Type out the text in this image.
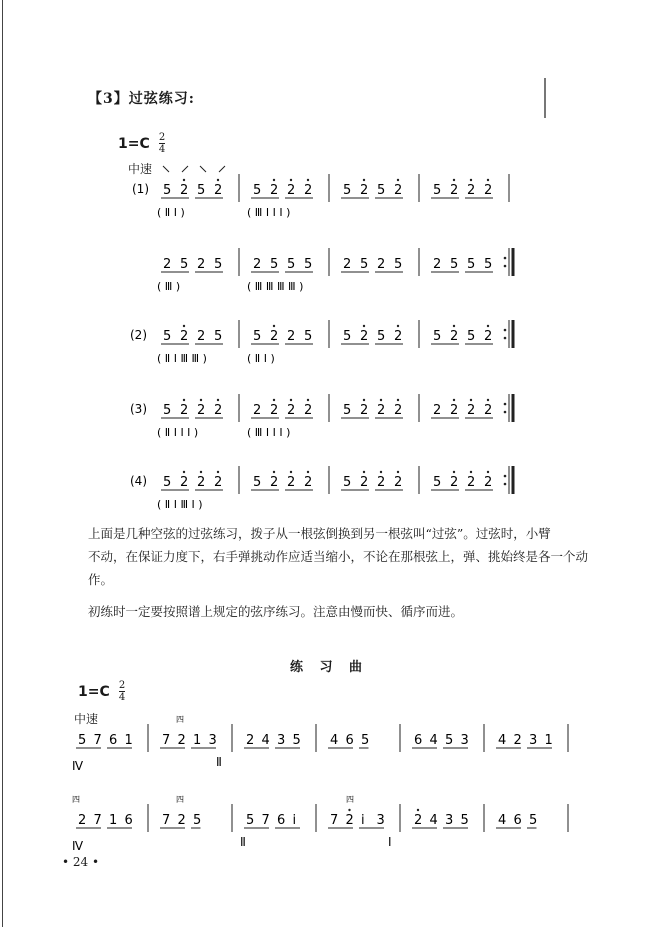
【3】过弦练习:
$1=C \frac{2}{4}$
中速
(1) 5 2 5 2 5 2 2 2 5 2 5 2 5 2 2 2
( Ⅱ Ⅰ )	( Ⅲ Ⅰ Ⅰ Ⅰ )
2 5 2 5 2 5 5 5 2 5 2 5 2 5 5 5
( Ⅲ )	( Ⅲ Ⅲ Ⅲ Ⅲ )
(2) 5 2 2 5 5 2 2 5 5 2 5 2 5 2 5 2
( Ⅱ Ⅰ Ⅲ Ⅲ )	( Ⅱ Ⅰ )
(3) 5 2 2 2 2 2 2 2 5 2 2 2 2 2 2 2
( Ⅱ Ⅰ Ⅰ Ⅰ )	( Ⅲ Ⅰ Ⅰ Ⅰ )
(4) 5 2 2 2 5 2 2 2 5 2 2 2 5 2 2 2
( Ⅱ Ⅰ Ⅲ Ⅰ )
5 7 6 1 7 2 1 3 2 4 3 5 4 6 5	6 4 5 3 4 2 3 1
2 7 1 6 7 2 5	5 7 6 i	7 2 i 3 2 4 3 5 4 6 5
Ⅳ	Ⅱ
四
Ⅳ	Ⅱ	Ⅰ
四	四	四

上面是几种空弦的过弦练习，拨子从一根弦倒换到另一根弦叫“过弦”。过弦时，小臂

不动，在保证力度下，右手弹挑动作应适当缩小，不论在那根弦上，弹、挑始终是各一个动

作。

初练时一定要按照谱上规定的弦序练习。注意由慢而快、循序而进。

练 习 曲
$1=C \frac{2}{4}$
中速
• 24 •
